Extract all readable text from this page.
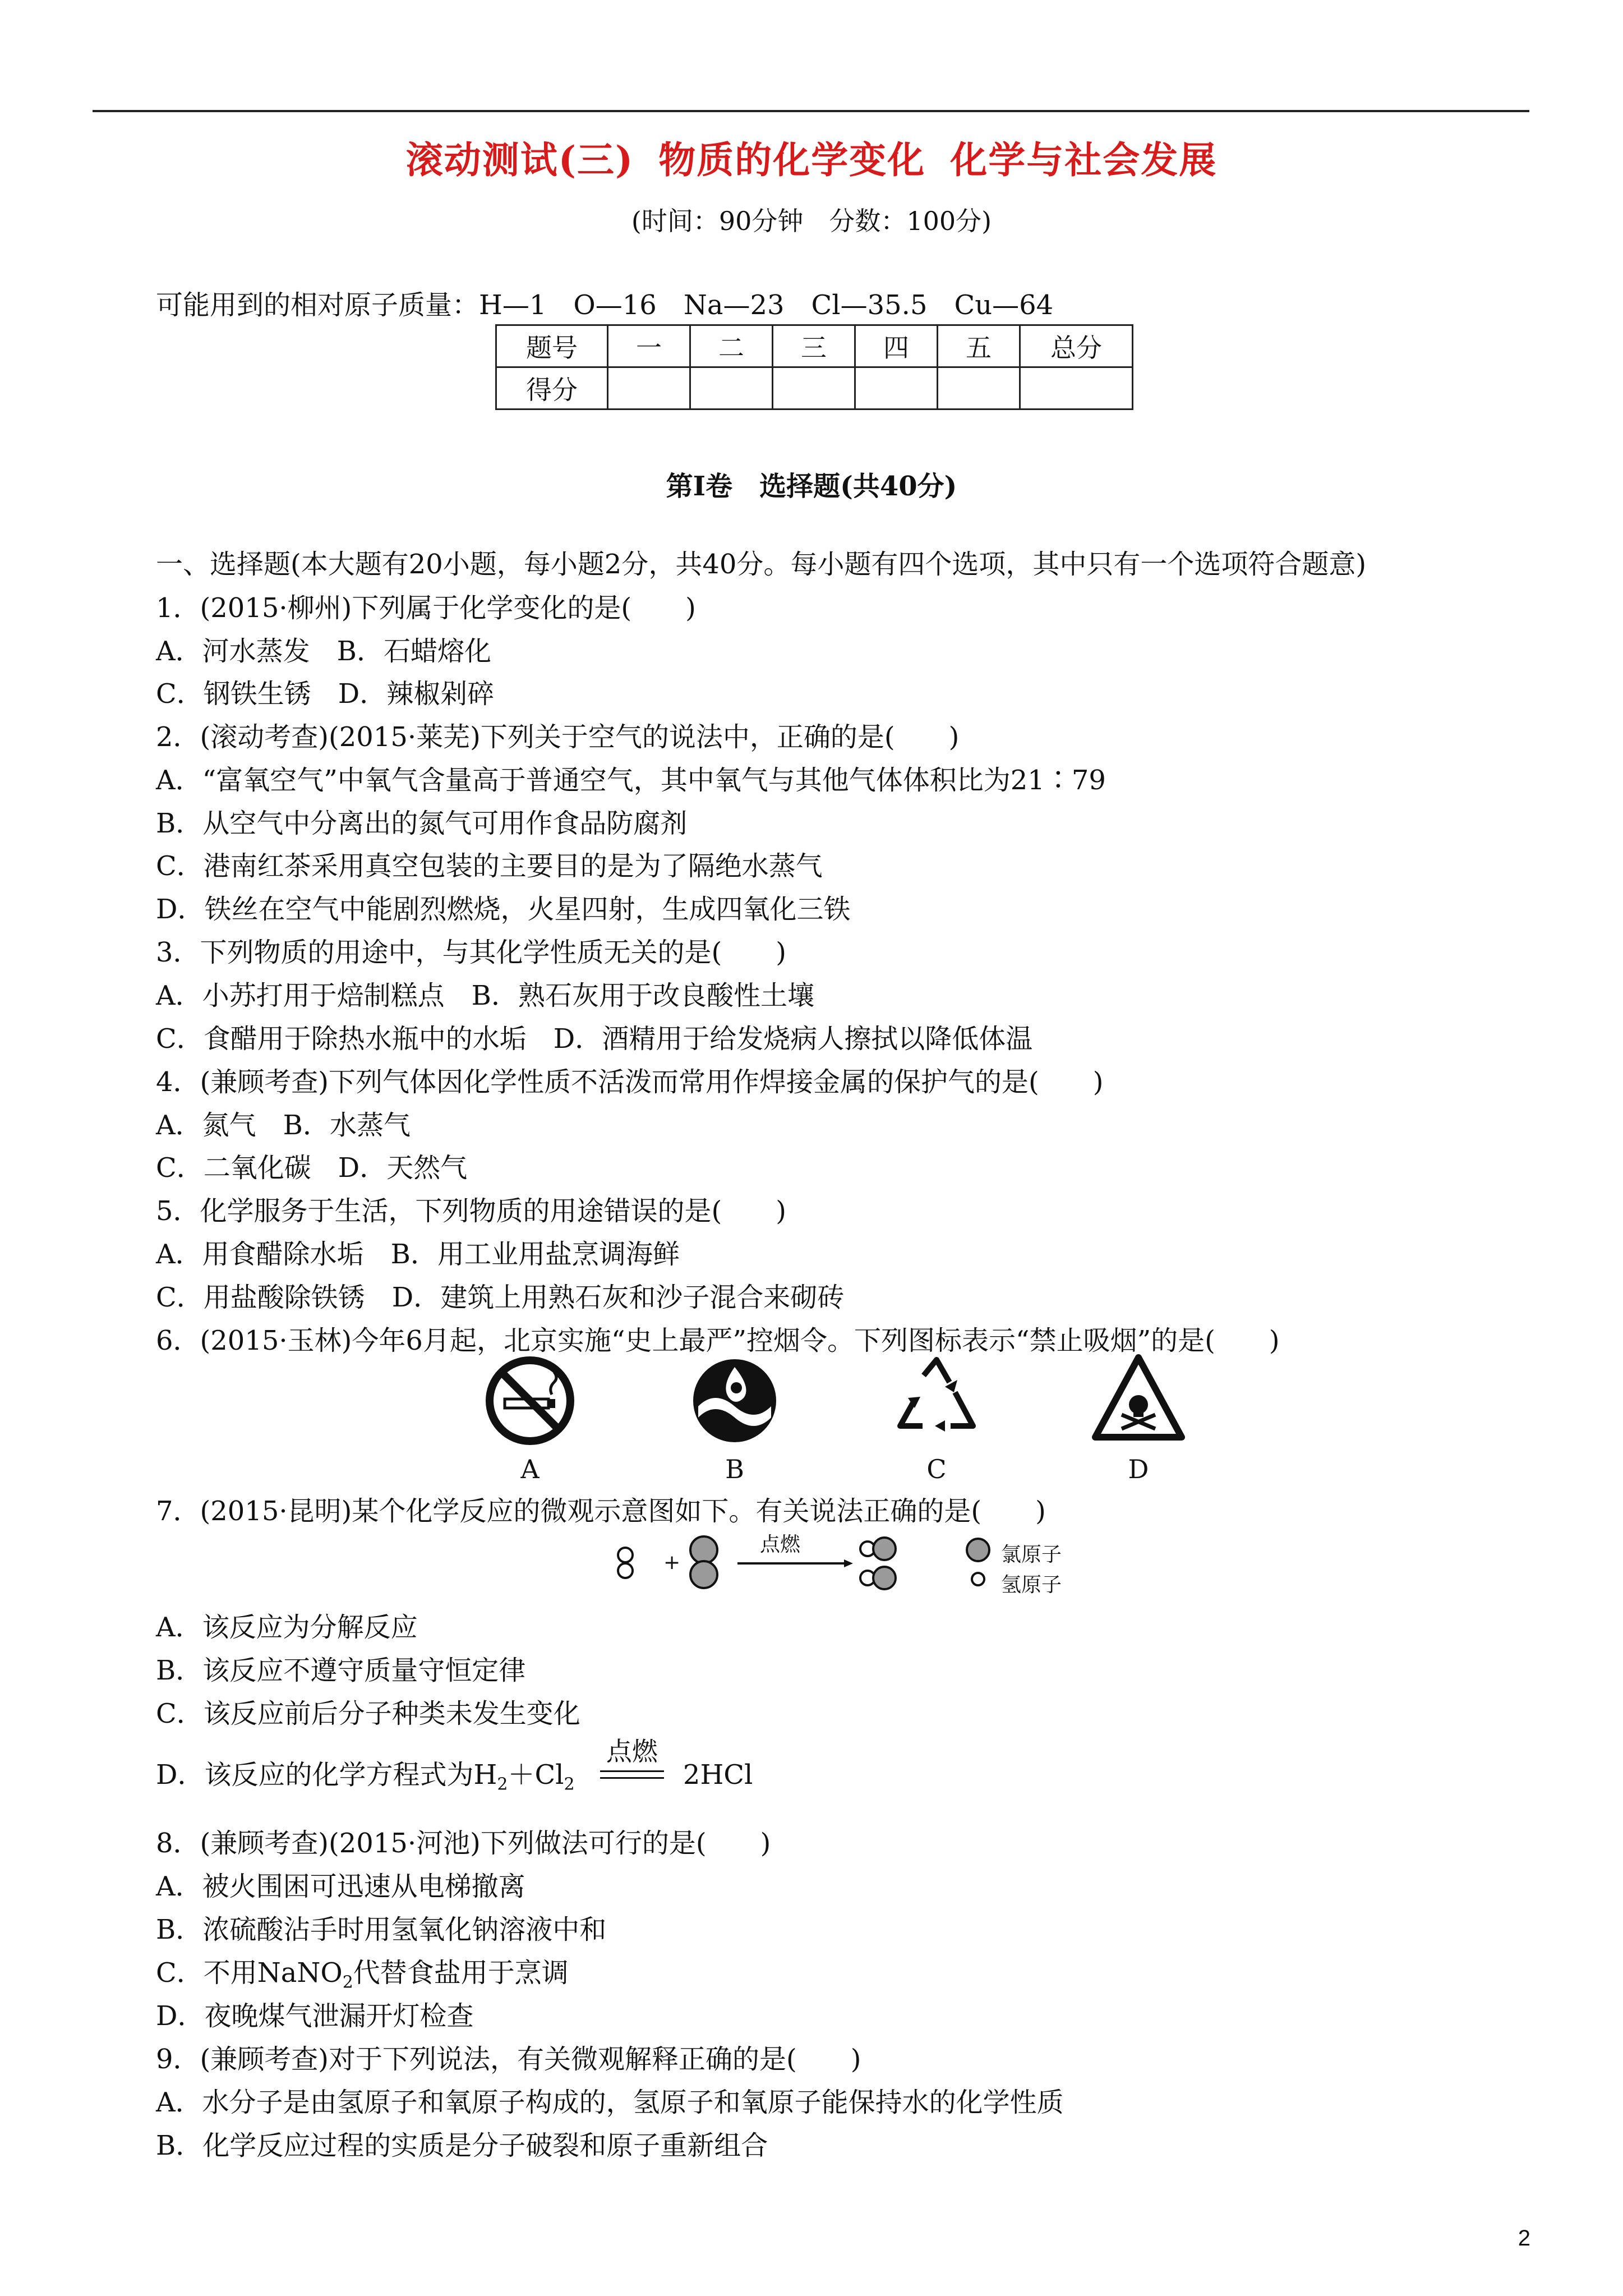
滚动测试(三) 物质的化学变化 化学与社会发展
(时间：90分钟　分数：100分)
可能用到的相对原子质量：H—1　O—16　Na—23　Cl—35.5　Cu—64
题号	一	二	三	四	五	总分
得分						
第Ⅰ卷　选择题(共40分)
一、选择题(本大题有20小题，每小题2分，共40分。每小题有四个选项，其中只有一个选项符合题意)
1．(2015·柳州)下列属于化学变化的是(　　)
A．河水蒸发　B．石蜡熔化
C．钢铁生锈　D．辣椒剁碎
2．(滚动考查)(2015·莱芜)下列关于空气的说法中，正确的是(　　)
A．“富氧空气”中氧气含量高于普通空气，其中氧气与其他气体体积比为21∶79
B．从空气中分离出的氮气可用作食品防腐剂
C．港南红茶采用真空包装的主要目的是为了隔绝水蒸气
D．铁丝在空气中能剧烈燃烧，火星四射，生成四氧化三铁
3．下列物质的用途中，与其化学性质无关的是(　　)
A．小苏打用于焙制糕点　B．熟石灰用于改良酸性土壤
C．食醋用于除热水瓶中的水垢　D．酒精用于给发烧病人擦拭以降低体温
4．(兼顾考查)下列气体因化学性质不活泼而常用作焊接金属的保护气的是(　　)
A．氮气　B．水蒸气
C．二氧化碳　D．天然气
5．化学服务于生活，下列物质的用途错误的是(　　)
A．用食醋除水垢　B．用工业用盐烹调海鲜
C．用盐酸除铁锈　D．建筑上用熟石灰和沙子混合来砌砖
6．(2015·玉林)今年6月起，北京实施“史上最严”控烟令。下列图标表示“禁止吸烟”的是(　　)
A	B	C	D
7．(2015·昆明)某个化学反应的微观示意图如下。有关说法正确的是(　　)
+
点燃	氯原子
氢原子
A．该反应为分解反应
B．该反应不遵守质量守恒定律
C．该反应前后分子种类未发生变化
D．该反应的化学方程式为$H_2+Cl_2$
点燃
2HCl
8．(兼顾考查)(2015·河池)下列做法可行的是(　　)
A．被火围困可迅速从电梯撤离
B．浓硫酸沾手时用氢氧化钠溶液中和
C．不用NaNO$_2$代替食盐用于烹调
D．夜晚煤气泄漏开灯检查
9．(兼顾考查)对于下列说法，有关微观解释正确的是(　　)
A．水分子是由氢原子和氧原子构成的，氢原子和氧原子能保持水的化学性质
B．化学反应过程的实质是分子破裂和原子重新组合
2
